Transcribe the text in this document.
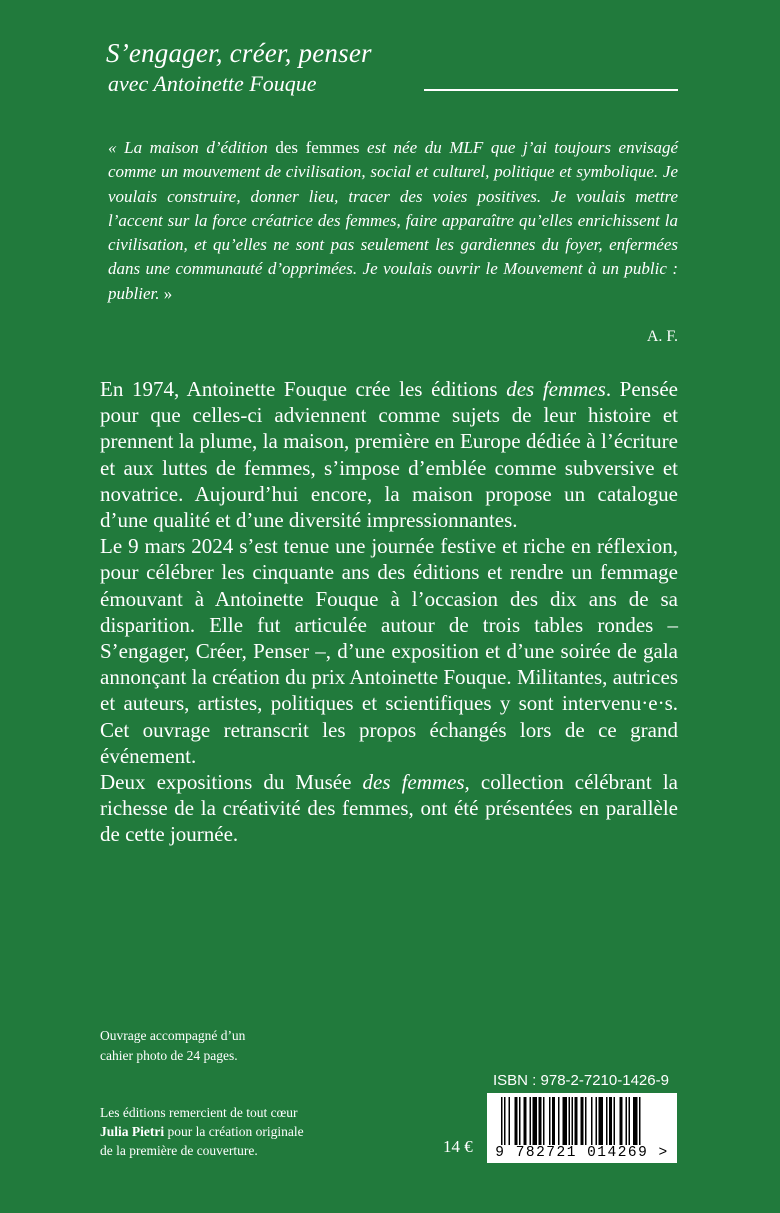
S’engager, créer, penser
avec Antoinette Fouque
« La maison d’édition des femmes est née du MLF que j’ai toujours envisagé comme un mouvement de civilisation, social et culturel, politique et symbolique. Je voulais construire, donner lieu, tracer des voies positives. Je voulais mettre l’accent sur la force créatrice des femmes, faire apparaître qu’elles enrichissent la civilisation, et qu’elles ne sont pas seulement les gardiennes du foyer, enfermées dans une communauté d’opprimées. Je voulais ouvrir le Mouvement à un public : publier. »
A. F.

En 1974, Antoinette Fouque crée les éditions des femmes. Pensée pour que celles-ci adviennent comme sujets de leur histoire et prennent la plume, la maison, première en Europe dédiée à l’écriture et aux luttes de femmes, s’impose d’emblée comme subversive et novatrice. Aujourd’hui encore, la maison propose un catalogue d’une qualité et d’une diversité impressionnantes.

Le 9 mars 2024 s’est tenue une journée festive et riche en réflexion, pour célébrer les cinquante ans des éditions et rendre un femmage émouvant à Antoinette Fouque à l’occasion des dix ans de sa disparition. Elle fut articulée autour de trois tables rondes – S’engager, Créer, Penser –, d’une exposition et d’une soirée de gala annonçant la création du prix Antoinette Fouque. Militantes, autrices et auteurs, artistes, politiques et scientifiques y sont intervenu·e·s. Cet ouvrage retranscrit les propos échangés lors de ce grand événement.

Deux expositions du Musée des femmes, collection célébrant la richesse de la créativité des femmes, ont été présentées en parallèle de cette journée.

Ouvrage accompagné d’un
cahier photo de 24 pages.
Les éditions remercient de tout cœur
Julia Pietri pour la création originale
de la première de couverture.
ISBN : 978-2-7210-1426-9
14 €	9 782721 014269 >
